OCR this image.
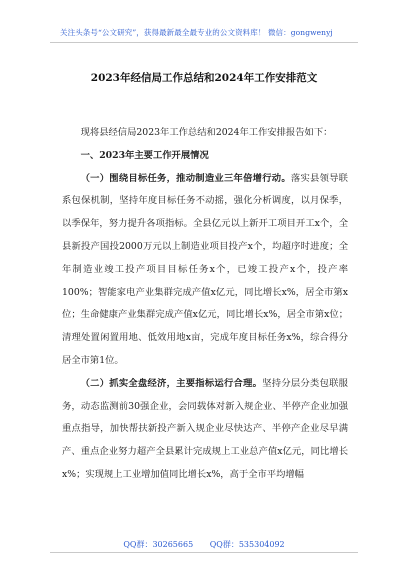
关注头条号“公文研究”，获得最新最全最专业的公文资料库！ 微信：gongwenyj
2023年经信局工作总结和2024年工作安排范文

现将县经信局2023年工作总结和2024年工作安排报告如下：

一、2023年主要工作开展情况

（一）围绕目标任务，推动制造业三年倍增行动。落实县领导联系包保机制，坚持年度目标任务不动摇，强化分析调度，以月保季，以季保年，努力提升各项指标。全县亿元以上新开工项目开工x个，全县新投产国投2000万元以上制造业项目投产x个，均超序时进度；全年制造业竣工投产项目目标任务x个，已竣工投产x个，投产率100%；智能家电产业集群完成产值x亿元，同比增长x%，居全市第x位；生命健康产业集群完成产值x亿元，同比增长x%，居全市第x位；清理处置闲置用地、低效用地x亩，完成年度目标任务x%，综合得分居全市第1位。

（二）抓实全盘经济，主要指标运行合理。坚持分层分类包联服务，动态监测前30强企业，会同载体对新入规企业、半停产企业加强重点指导，加快帮扶新投产新入规企业尽快达产、半停产企业尽早满产、重点企业努力超产全县累计完成规上工业总产值x亿元，同比增长x%；实现规上工业增加值同比增长x%，高于全市平均增幅

QQ群：30265665 QQ群：535304092
